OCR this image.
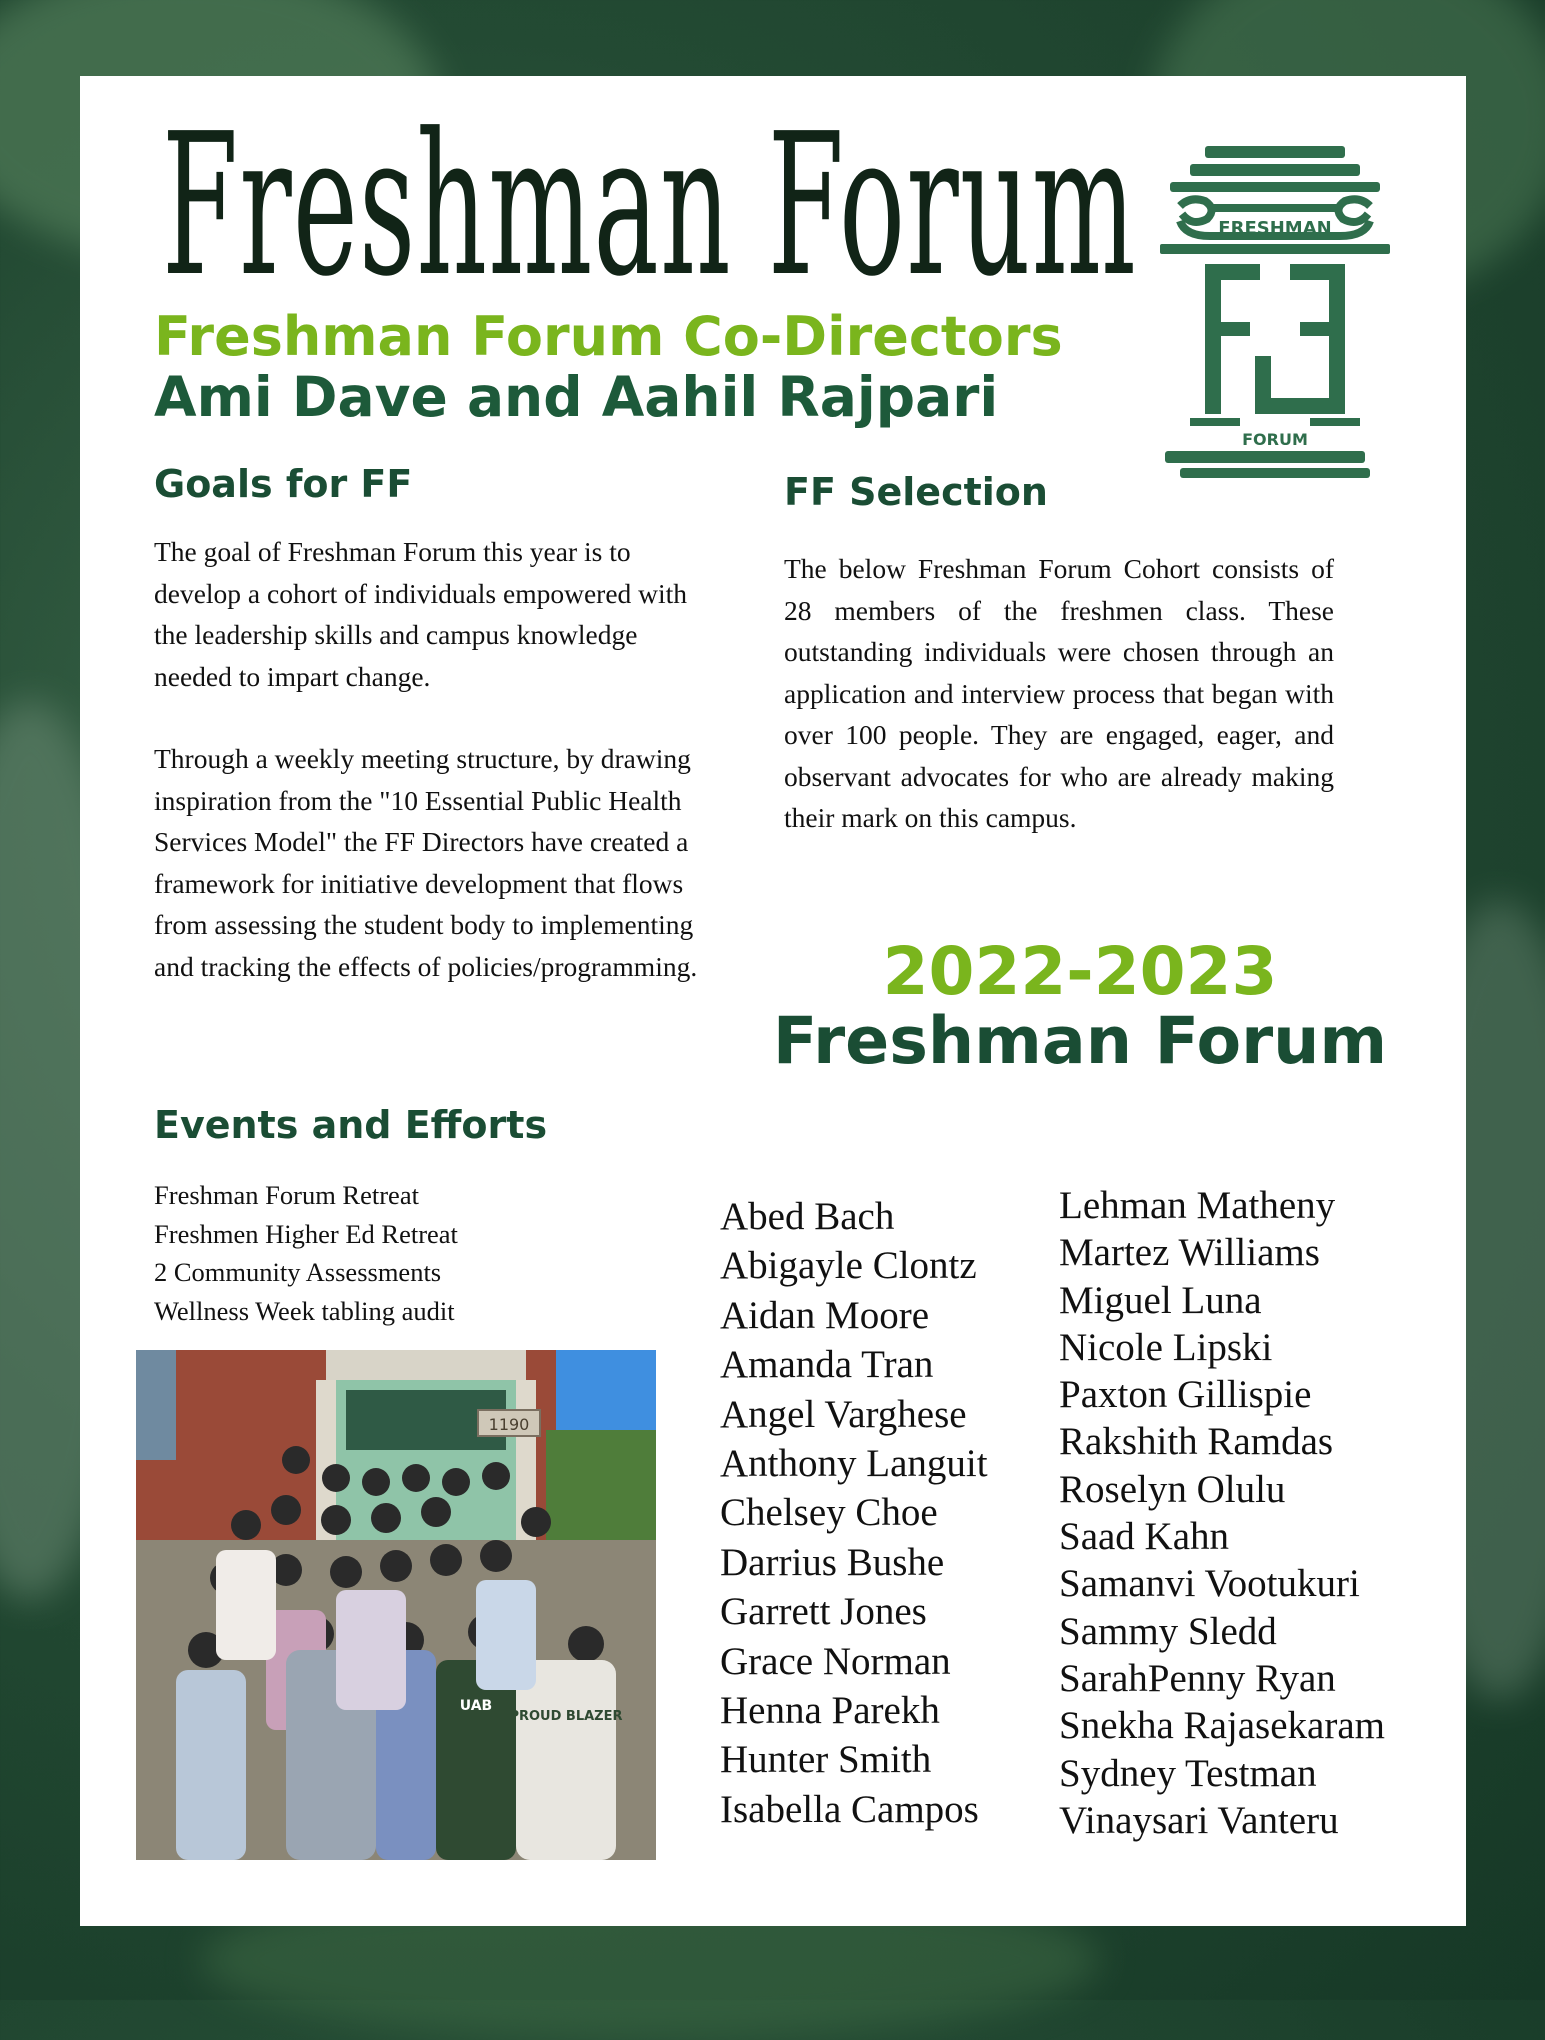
Freshman Forum
Freshman Forum Co-Directors
Ami Dave and Aahil Rajpari
FRESHMAN
FORUM
Goals for FF

The goal of Freshman Forum this year is to develop a cohort of individuals empowered with the leadership skills and campus knowledge needed to impart change.

Through a weekly meeting structure, by drawing inspiration from the "10 Essential Public Health Services Model" the FF Directors have created a framework for initiative development that flows from assessing the student body to implementing and tracking the effects of policies/programming.

FF Selection

The below Freshman Forum Cohort consists of 28 members of the freshmen class. These outstanding individuals were chosen through an application and interview process that began with over 100 people. They are engaged, eager, and observant advocates for who are already making their mark on this campus.

Events and Efforts
Freshman Forum Retreat
Freshmen Higher Ed Retreat
2 Community Assessments
Wellness Week tabling audit
1190
UAB
PROUD BLAZER
2022-2023
Freshman Forum
Abed Bach
Abigayle Clontz
Aidan Moore
Amanda Tran
Angel Varghese
Anthony Languit
Chelsey Choe
Darrius Bushe
Garrett Jones
Grace Norman
Henna Parekh
Hunter Smith
Isabella Campos
Lehman Matheny
Martez Williams
Miguel Luna
Nicole Lipski
Paxton Gillispie
Rakshith Ramdas
Roselyn Olulu
Saad Kahn
Samanvi Vootukuri
Sammy Sledd
SarahPenny Ryan
Snekha Rajasekaram
Sydney Testman
Vinaysari Vanteru
